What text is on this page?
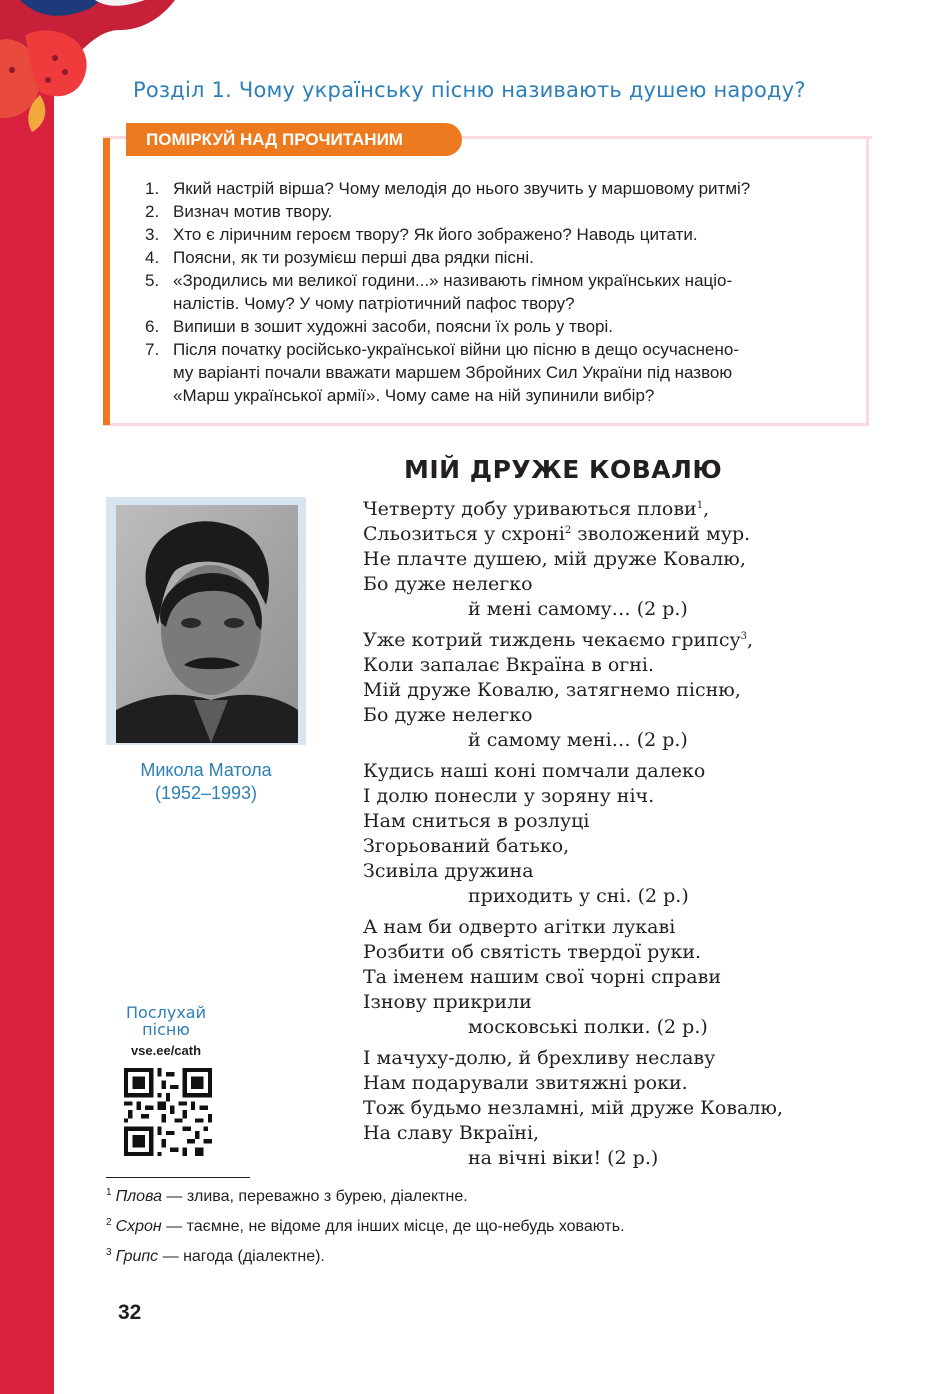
Розділ 1. Чому українську пісню називають душею народу?
ПОМІРКУЙ НАД ПРОЧИТАНИМ
1. Який настрій вірша? Чому мелодія до нього звучить у маршовому ритмі?
2. Визнач мотив твору.
3. Хто є ліричним героєм твору? Як його зображено? Наводь цитати.
4. Поясни, як ти розумієш перші два рядки пісні.
5. «Зродились ми великої години...» називають гімном українських націо-
налістів. Чому? У чому патріотичний пафос твору?
6. Випиши в зошит художні засоби, поясни їх роль у творі.
7. Після початку російсько-української війни цю пісню в дещо осучаснено-
му варіанті почали вважати маршем Збройних Сил України під назвою
«Марш української армії». Чому саме на ній зупинили вибір?
МІЙ ДРУЖЕ КОВАЛЮ
Микола Матола
(1952–1993)
Четверту добу уриваються плови$^1$,
Сльозиться у схроні$^2$ зволожений мур.
Не плачте душею, мій друже Ковалю,
Бо дуже нелегко
й мені самому… (2 р.)
Уже котрий тиждень чекаємо грипсу$^3$,
Коли запалає Вкраїна в огні.
Мій друже Ковалю, затягнемо пісню,
Бо дуже нелегко
й самому мені… (2 р.)
Кудись наші коні помчали далеко
І долю понесли у зоряну ніч.
Нам сниться в розлуці
Згорьований батько,
Зсивіла дружина
приходить у сні. (2 р.)
А нам би одверто агітки лукаві
Розбити об святість твердої руки.
Та іменем нашим свої чорні справи
Ізнову прикрили
московські полки. (2 р.)
І мачуху-долю, й брехливу неславу
Нам подарували звитяжні роки.
Тож будьмо незламні, мій друже Ковалю,
На славу Вкраїні,
на вічні віки! (2 р.)
Послухай
пісню
vse.ee/cath
$^1$ Плова — злива, переважно з бурею, діалектне.
$^2$ Схрон — таємне, не відоме для інших місце, де що-небудь ховають.
$^3$ Грипс — нагода (діалектне).
32
